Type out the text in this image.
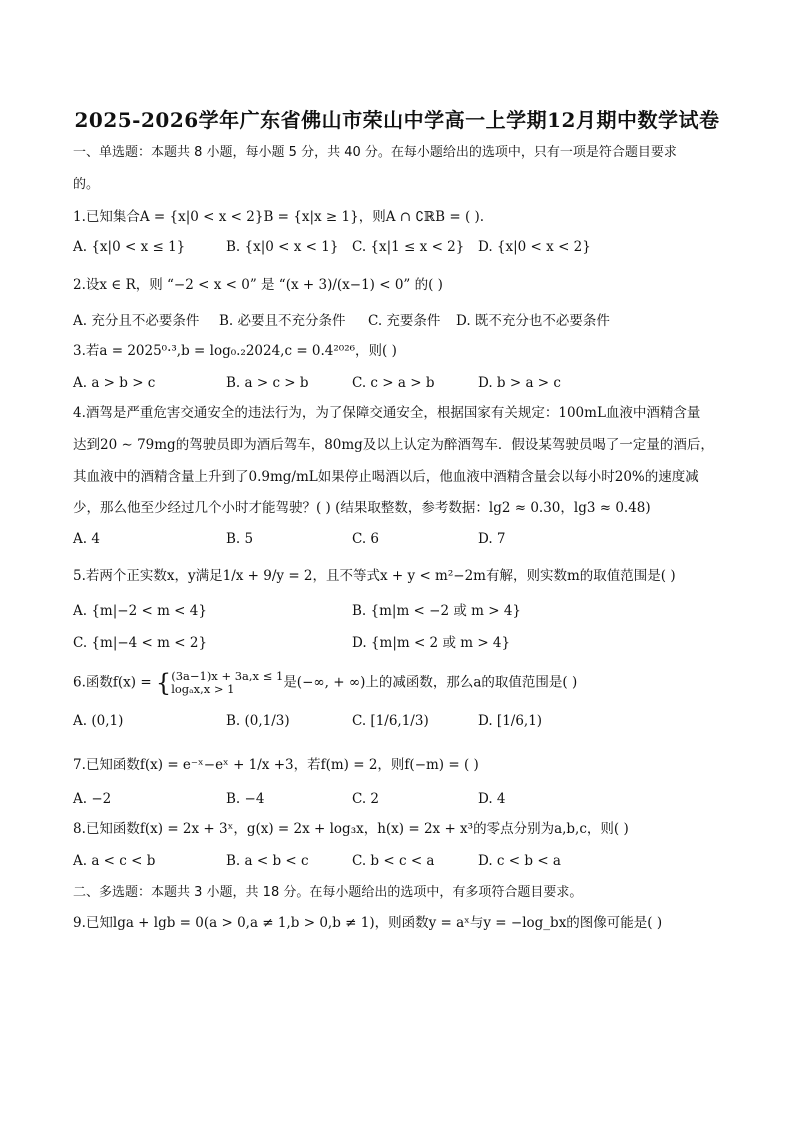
2025-2026学年广东省佛山市荣山中学高一上学期12月期中数学试卷
一、单选题：本题共 8 小题，每小题 5 分，共 40 分。在每小题给出的选项中，只有一项是符合题目要求
的。
1.已知集合A = {x|0 < x < 2}B = {x|x ≥ 1}，则A ∩ ∁ℝB = ( ).
A. {x|0 < x ≤ 1}	B. {x|0 < x < 1} C. {x|1 ≤ x < 2} D. {x|0 < x < 2}
2.设x ∈ R，则 “−2 < x < 0” 是 “(x + 3)/(x−1) < 0” 的( )
A. 充分且不必要条件 B. 必要且不充分条件 C. 充要条件 D. 既不充分也不必要条件
3.若a = 2025⁰·³,b = log₀.₂2024,c = 0.4²⁰²⁶，则( )
A. a > b > c	B. a > c > b	C. c > a > b	D. b > a > c
4.酒驾是严重危害交通安全的违法行为，为了保障交通安全，根据国家有关规定：100mL血液中酒精含量
达到20 ∼ 79mg的驾驶员即为酒后驾车，80mg及以上认定为醉酒驾车．假设某驾驶员喝了一定量的酒后，
其血液中的酒精含量上升到了0.9mg/mL如果停止喝酒以后，他血液中酒精含量会以每小时20%的速度减
少，那么他至少经过几个小时才能驾驶？( ) (结果取整数，参考数据：lg2 ≈ 0.30，lg3 ≈ 0.48)
A. 4	B. 5	C. 6	D. 7
5.若两个正实数x，y满足1/x + 9/y = 2，且不等式x + y < m²−2m有解，则实数m的取值范围是( )
A. {m|−2 < m < 4}	B. {m|m < −2 或 m > 4}
C. {m|−4 < m < 2}	D. {m|m < 2 或 m > 4}
6.函数f(x) = { (3a−1)x + 3a,x ≤ 1
logₐx,x > 1	是(−∞, + ∞)上的减函数，那么a的取值范围是( )
A. (0,1)	B. (0,1/3)	C. [1/6,1/3)	D. [1/6,1)
7.已知函数f(x) = e⁻ˣ−eˣ + 1/x +3，若f(m) = 2，则f(−m) = ( )
A. −2	B. −4	C. 2	D. 4
8.已知函数f(x) = 2x + 3ˣ，g(x) = 2x + log₃x，h(x) = 2x + x³的零点分别为a,b,c，则( )
A. a < c < b	B. a < b < c	C. b < c < a	D. c < b < a
二、多选题：本题共 3 小题，共 18 分。在每小题给出的选项中，有多项符合题目要求。
9.已知lga + lgb = 0(a > 0,a ≠ 1,b > 0,b ≠ 1)，则函数y = aˣ与y = −log_bx的图像可能是( )
